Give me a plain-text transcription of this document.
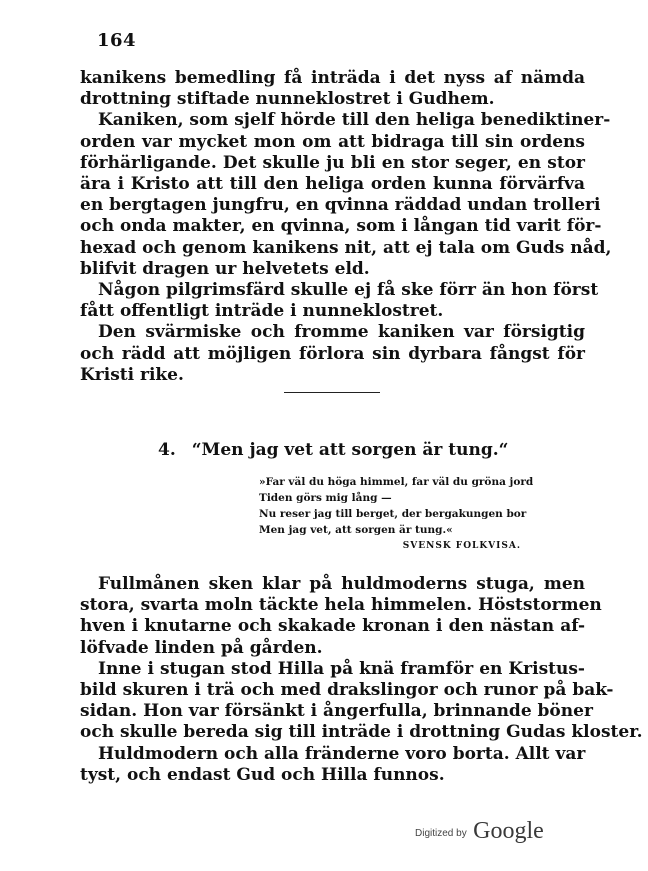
164
kanikens bemedling få inträda i det nyss af nämda
drottning stiftade nunneklostret i Gudhem.
Kaniken, som sjelf hörde till den heliga benediktiner-
orden var mycket mon om att bidraga till sin ordens
förhärligande. Det skulle ju bli en stor seger, en stor
ära i Kristo att till den heliga orden kunna förvärfva
en bergtagen jungfru, en qvinna räddad undan trolleri
och onda makter, en qvinna, som i långan tid varit för-
hexad och genom kanikens nit, att ej tala om Guds nåd,
blifvit dragen ur helvetets eld.
Någon pilgrimsfärd skulle ej få ske förr än hon först
fått offentligt inträde i nunneklostret.
Den svärmiske och fromme kaniken var försigtig
och rädd att möjligen förlora sin dyrbara fångst för
Kristi rike.
4. “Men jag vet att sorgen är tung.“
»Far väl du höga himmel, far väl du gröna jord
Tiden görs mig lång —
Nu reser jag till berget, der bergakungen bor
Men jag vet, att sorgen är tung.«
SVENSK FOLKVISA.
Fullmånen sken klar på huldmoderns stuga, men
stora, svarta moln täckte hela himmelen. Höststormen
hven i knutarne och skakade kronan i den nästan af-
löfvade linden på gården.
Inne i stugan stod Hilla på knä framför en Kristus-
bild skuren i trä och med drakslingor och runor på bak-
sidan. Hon var försänkt i ångerfulla, brinnande böner
och skulle bereda sig till inträde i drottning Gudas kloster.
Huldmodern och alla fränderne voro borta. Allt var
tyst, och endast Gud och Hilla funnos.
Digitized by Google
